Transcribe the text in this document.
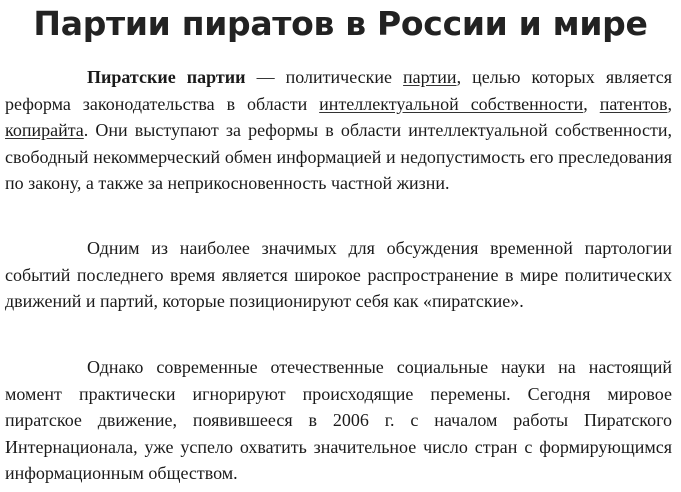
Партии пиратов в России и мире

Пиратские партии — политические партии, целью которых является реформа законодательства в области интеллектуальной собственности, патентов, копирайта. Они выступают за реформы в области интеллектуальной собственности, свободный некоммерческий обмен информацией и недопустимость его преследования по закону, а также за неприкосновенность частной жизни.

Одним из наиболее значимых для обсуждения временной партологии событий последнего время является широкое распространение в мире политических движений и партий, которые позиционируют себя как «пиратские».

Однако современные отечественные социальные науки на настоящий момент практически игнорируют происходящие перемены. Сегодня мировое пиратское движение, появившееся в 2006 г. с началом работы Пиратского Интернационала, уже успело охватить значительное число стран с формирующимся информационным обществом.
